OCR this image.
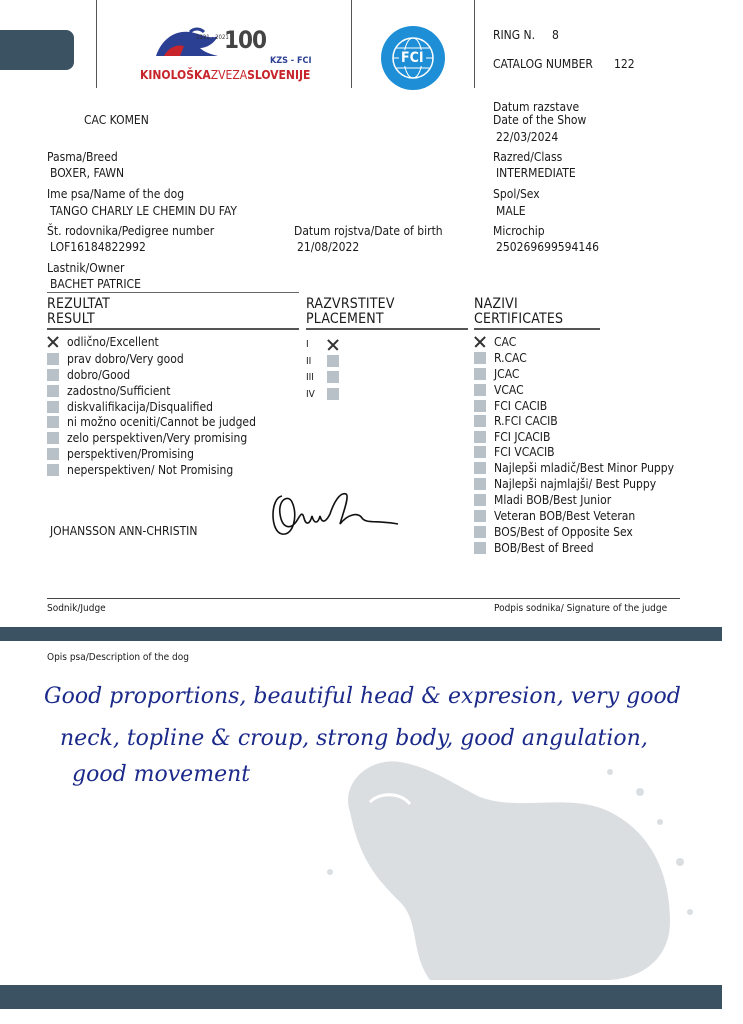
1921 - 2021
100
KZS - FCI
KINOLOŠKAZVEZASLOVENIJE
FCI
RING N. 8
CATALOG NUMBER 122
CAC KOMEN
Datum razstave
Date of the Show
22/03/2024
Pasma/Breed
BOXER, FAWN
Razred/Class
INTERMEDIATE
Ime psa/Name of the dog
TANGO CHARLY LE CHEMIN DU FAY
Spol/Sex
MALE
Št. rodovnika/Pedigree number
LOF16184822992
Datum rojstva/Date of birth
21/08/2022
Microchip
250269699594146
Lastnik/Owner
BACHET PATRICE
REZULTAT
RESULT
RAZVRSTITEV
PLACEMENT
NAZIVI
CERTIFICATES
odlično/Excellent
prav dobro/Very good
dobro/Good
zadostno/Sufficient
diskvalifikacija/Disqualified
ni možno oceniti/Cannot be judged
zelo perspektiven/Very promising
perspektiven/Promising
neperspektiven/ Not Promising
I
II
III
IV
CAC
R.CAC
JCAC
VCAC
FCI CACIB
R.FCI CACIB
FCI JCACIB
FCI VCACIB
Najlepši mladič/Best Minor Puppy
Najlepši najmlajši/ Best Puppy
Mladi BOB/Best Junior
Veteran BOB/Best Veteran
BOS/Best of Opposite Sex
BOB/Best of Breed
JOHANSSON ANN-CHRISTIN
Sodnik/Judge	Podpis sodnika/ Signature of the judge
Opis psa/Description of the dog
Good proportions, beautiful head & expresion, very good
neck, topline & croup, strong body, good angulation,
good movement
